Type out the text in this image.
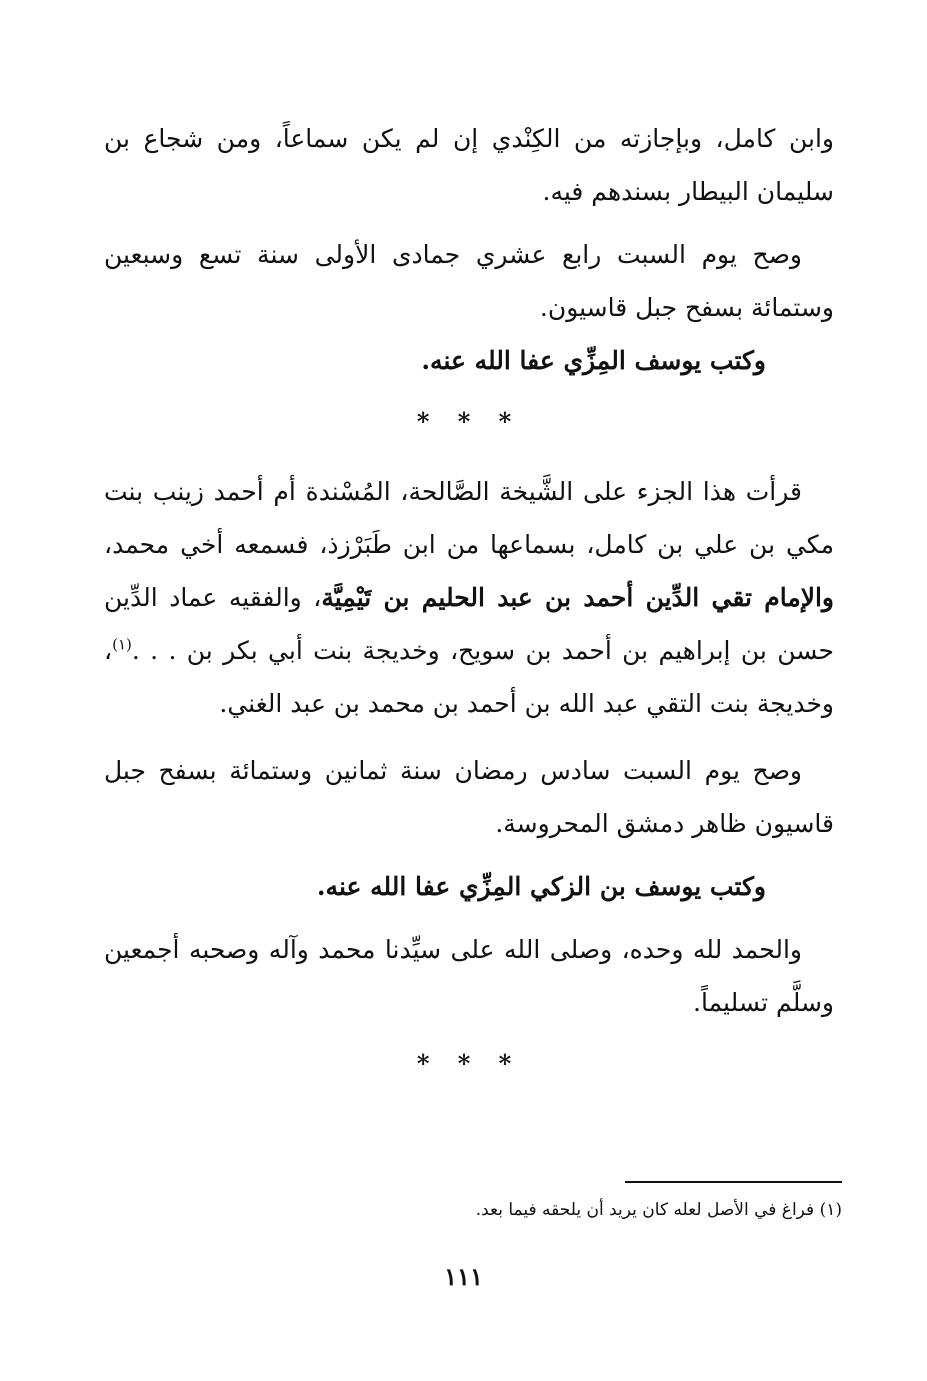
وابن كامل، وبإجازته من الكِنْدي إن لم يكن سماعاً، ومن شجاع بن سليمان البيطار بسندهم فيه.

وصح يوم السبت رابع عشري جمادى الأولى سنة تسع وسبعين وستمائة بسفح جبل قاسيون.

وكتب يوسف المِزِّي عفا الله عنه.

* * *

قرأت هذا الجزء على الشَّيخة الصَّالحة، المُسْندة أم أحمد زينب بنت مكي بن علي بن كامل، بسماعها من ابن طَبَرْزذ، فسمعه أخي محمد، والإمام تقي الدِّين أحمد بن عبد الحليم بن تَيْمِيَّة، والفقيه عماد الدِّين حسن بن إبراهيم بن أحمد بن سويح، وخديجة بنت أبي بكر بن . . .$^{(١)}$، وخديجة بنت التقي عبد الله بن أحمد بن محمد بن عبد الغني.

وصح يوم السبت سادس رمضان سنة ثمانين وستمائة بسفح جبل قاسيون ظاهر دمشق المحروسة.

وكتب يوسف بن الزكي المِزِّي عفا الله عنه.

والحمد لله وحده، وصلى الله على سيِّدنا محمد وآله وصحبه أجمعين وسلَّم تسليماً.

* * *

(١) فراغ في الأصل لعله كان يريد أن يلحقه فيما بعد.

١١١
